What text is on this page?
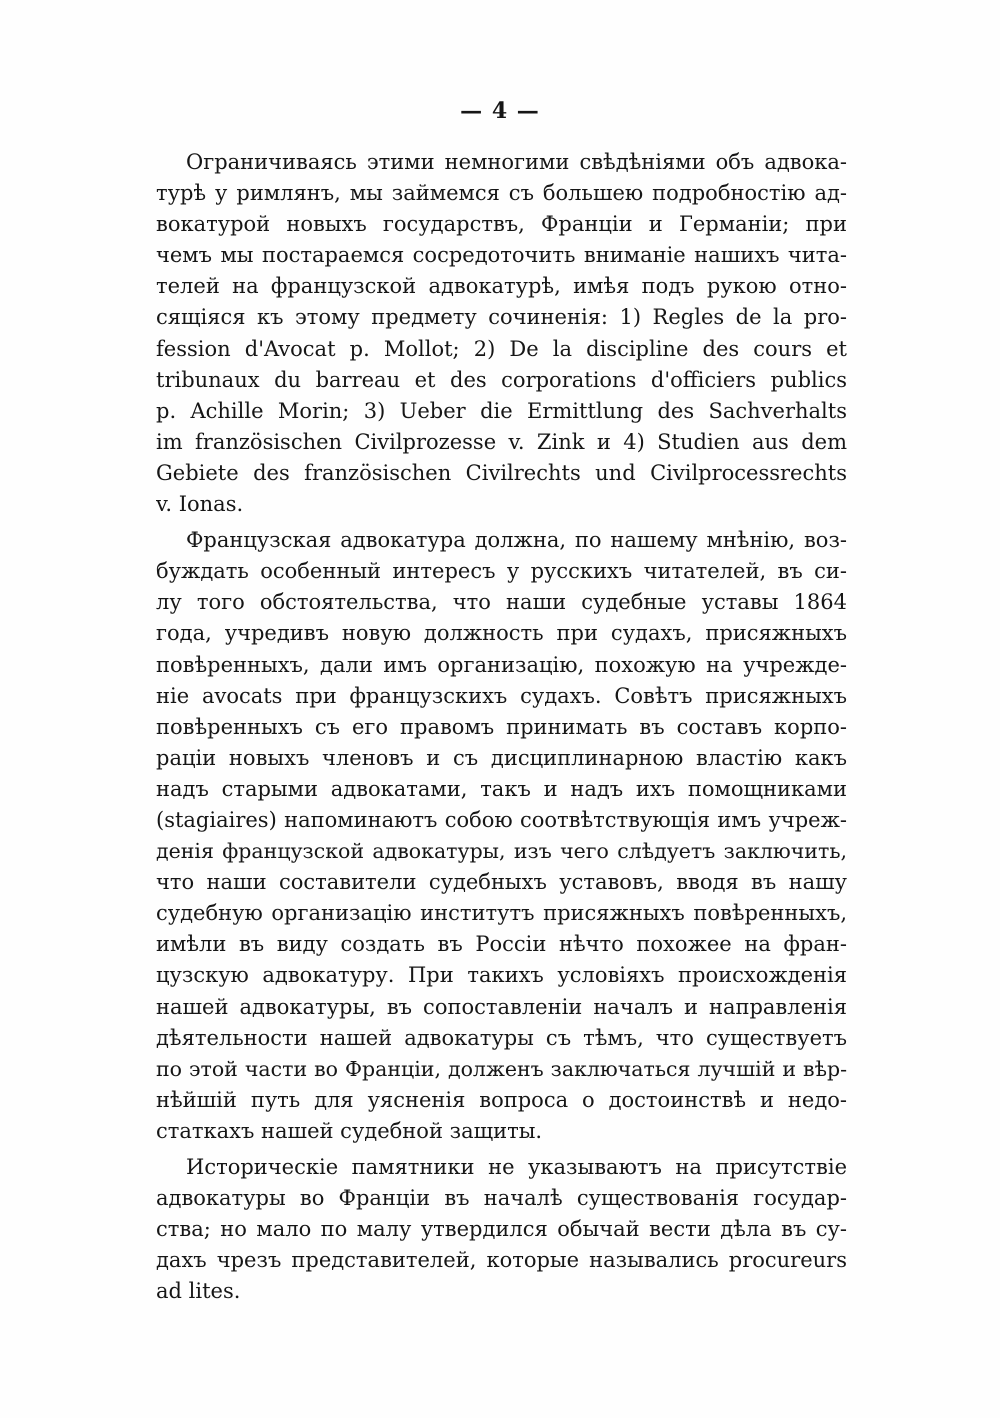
— 4 —
Ограничиваясь этими немногими свѣдѣніями объ адвока-
турѣ у римлянъ, мы займемся съ большею подробностію ад-
вокатурой новыхъ государствъ, Франціи и Германіи; при
чемъ мы постараемся сосредоточить вниманіе нашихъ чита-
телей на французской адвокатурѣ, имѣя подъ рукою отно-
сящіяся къ этому предмету сочиненія: 1) Regles de la pro-
fession d'Avocat p. Mollot; 2) De la discipline des cours et
tribunaux du barreau et des corporations d'officiers publics
p. Achille Morin; 3) Ueber die Ermittlung des Sachverhalts
im französischen Civilprozesse v. Zink и 4) Studien aus dem
Gebiete des französischen Civilrechts und Civilprocessrechts
v. Ionas.
Французская адвокатура должна, по нашему мнѣнію, воз-
буждать особенный интересъ у русскихъ читателей, въ си-
лу того обстоятельства, что наши судебные уставы 1864
года, учредивъ новую должность при судахъ, присяжныхъ
повѣренныхъ, дали имъ организацію, похожую на учрежде-
ніе avocats при французскихъ судахъ. Совѣтъ присяжныхъ
повѣренныхъ съ его правомъ принимать въ составъ корпо-
раціи новыхъ членовъ и съ дисциплинарною властію какъ
надъ старыми адвокатами, такъ и надъ ихъ помощниками
(stagiaires) напоминаютъ собою соотвѣтствующія имъ учреж-
денія французской адвокатуры, изъ чего слѣдуетъ заключить,
что наши составители судебныхъ уставовъ, вводя въ нашу
судебную организацію институтъ присяжныхъ повѣренныхъ,
имѣли въ виду создать въ Россіи нѣчто похожее на фран-
цузскую адвокатуру. При такихъ условіяхъ происхожденія
нашей адвокатуры, въ сопоставленіи началъ и направленія
дѣятельности нашей адвокатуры съ тѣмъ, что существуетъ
по этой части во Франціи, долженъ заключаться лучшій и вѣр-
нѣйшій путь для уясненія вопроса о достоинствѣ и недо-
статкахъ нашей судебной защиты.
Историческіе памятники не указываютъ на присутствіе
адвокатуры во Франціи въ началѣ существованія государ-
ства; но мало по малу утвердился обычай вести дѣла въ су-
дахъ чрезъ представителей, которые назывались procureurs
ad lites.
